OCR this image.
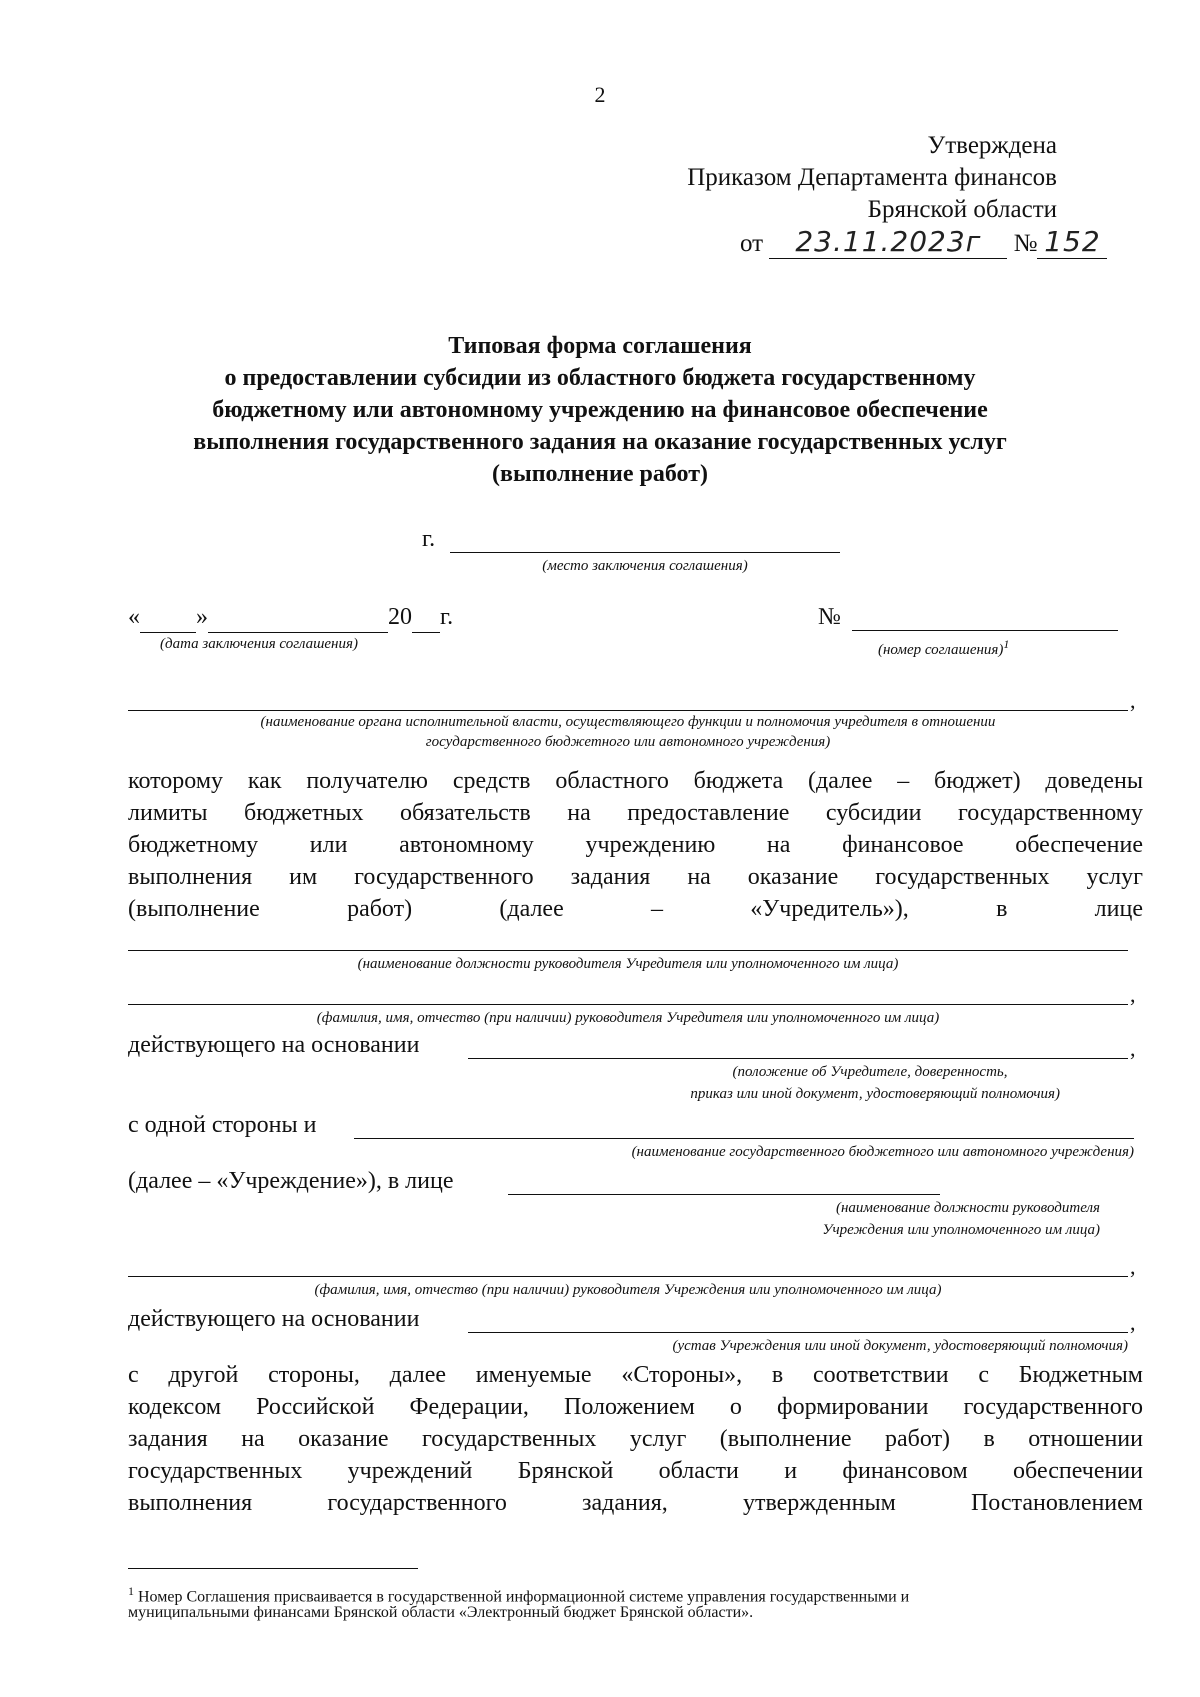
2
Утверждена
Приказом Департамента финансов
Брянской области
от 23.11.2023г № 152
Типовая форма соглашения
о предоставлении субсидии из областного бюджета государственному
бюджетному или автономному учреждению на финансовое обеспечение
выполнения государственного задания на оказание государственных услуг
(выполнение работ)
г.
(место заключения соглашения)
« »	20 г.
(дата заключения соглашения)
№
(номер соглашения)$^1$
,
(наименование органа исполнительной власти, осуществляющего функции и полномочия учредителя в отношении
государственного бюджетного или автономного учреждения)
которому как получателю средств областного бюджета (далее – бюджет) доведены
лимиты бюджетных обязательств на предоставление субсидии государственному
бюджетному или автономному учреждению на финансовое обеспечение
выполнения им государственного задания на оказание государственных услуг
(выполнение работ) (далее – «Учредитель»), в лице
(наименование должности руководителя Учредителя или уполномоченного им лица)
,
(фамилия, имя, отчество (при наличии) руководителя Учредителя или уполномоченного им лица)
действующего на основании	,
(положение об Учредителе, доверенность,
приказ или иной документ, удостоверяющий полномочия)
с одной стороны и
(наименование государственного бюджетного или автономного учреждения)
(далее – «Учреждение»), в лице
(наименование должности руководителя
Учреждения или уполномоченного им лица)
,
(фамилия, имя, отчество (при наличии) руководителя Учреждения или уполномоченного им лица)
действующего на основании	,
(устав Учреждения или иной документ, удостоверяющий полномочия)
с другой стороны, далее именуемые «Стороны», в соответствии с Бюджетным
кодексом Российской Федерации, Положением о формировании государственного
задания на оказание государственных услуг (выполнение работ) в отношении
государственных учреждений Брянской области и финансовом обеспечении
выполнения государственного задания, утвержденным Постановлением
$^1$ Номер Соглашения присваивается в государственной информационной системе управления государственными и
муниципальными финансами Брянской области «Электронный бюджет Брянской области».
